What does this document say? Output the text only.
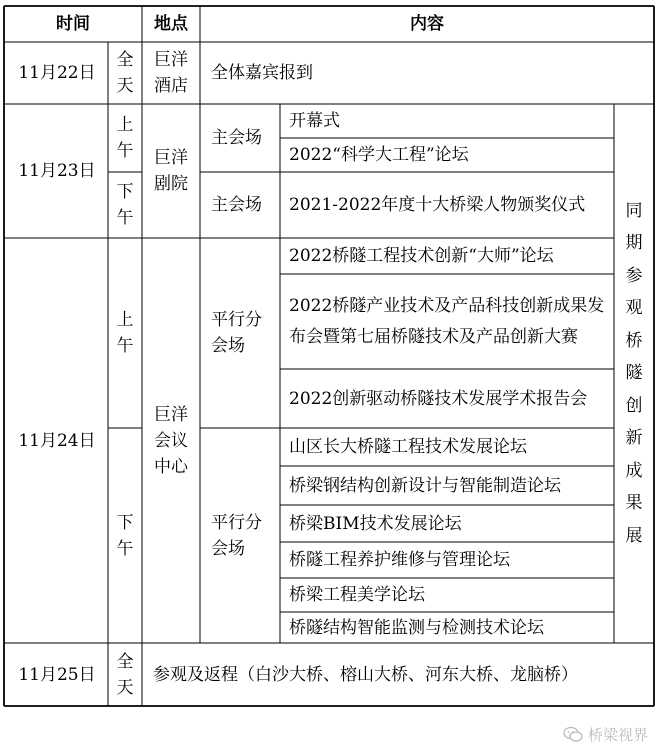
时间	地点	内容
11月22日
全天
巨洋酒店
全体嘉宾报到
11月23日
上午
下午
巨洋剧院
主会场
主会场
开幕式
2022“科学大工程”论坛
2021-2022年度十大桥梁人物颁奖仪式
11月24日
上午
下午
巨洋会议中心
平行分会场
平行分会场
2022桥隧工程技术创新“大师”论坛
2022桥隧产业技术及产品科技创新成果发布会暨第七届桥隧技术及产品创新大赛
2022创新驱动桥隧技术发展学术报告会
山区长大桥隧工程技术发展论坛
桥梁钢结构创新设计与智能制造论坛
桥梁BIM技术发展论坛
桥隧工程养护维修与管理论坛
桥梁工程美学论坛
桥隧结构智能监测与检测技术论坛
同
期
参
观
桥
隧
创
新
成
果
展
11月25日
全天
参观及返程（白沙大桥、榕山大桥、河东大桥、龙脑桥）
桥梁视界
